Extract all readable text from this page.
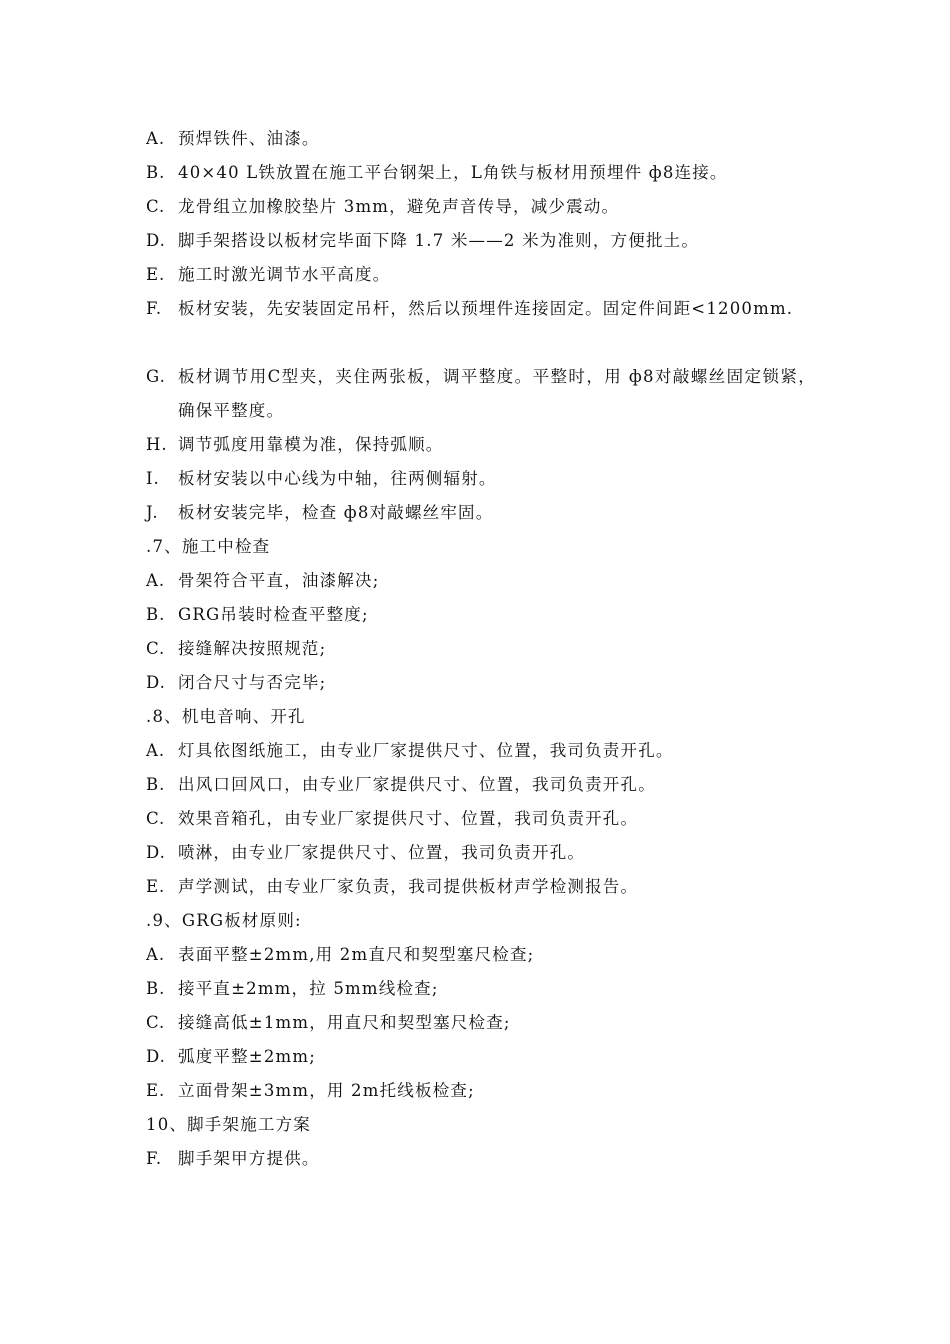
A. 预焊铁件、油漆。
B. 40×40 L铁放置在施工平台钢架上，L角铁与板材用预埋件 ф8连接。
C. 龙骨组立加橡胶垫片 3mm，避免声音传导，减少震动。
D. 脚手架搭设以板材完毕面下降 1.7 米——2 米为准则，方便批土。
E. 施工时激光调节水平高度。
F. 板材安装，先安装固定吊杆，然后以预埋件连接固定。固定件间距<1200mm.
G. 板材调节用C型夹，夹住两张板，调平整度。平整时，用 ф8对敲螺丝固定锁紧，确保平整度。
H. 调节弧度用靠模为准，保持弧顺。
I.	板材安装以中心线为中轴，往两侧辐射。
J.	板材安装完毕，检查 ф8对敲螺丝牢固。
.7、施工中检查
A. 骨架符合平直，油漆解决;
B. GRG吊装时检查平整度;
C. 接缝解决按照规范;
D. 闭合尺寸与否完毕;
.8、机电音响、开孔
A. 灯具依图纸施工，由专业厂家提供尺寸、位置，我司负责开孔。
B. 出风口回风口，由专业厂家提供尺寸、位置，我司负责开孔。
C. 效果音箱孔，由专业厂家提供尺寸、位置，我司负责开孔。
D. 喷淋，由专业厂家提供尺寸、位置，我司负责开孔。
E. 声学测试，由专业厂家负责，我司提供板材声学检测报告。
.9、GRG板材原则:
A. 表面平整±2mm,用 2m直尺和契型塞尺检查;
B. 接平直±2mm，拉 5mm线检查;
C. 接缝高低±1mm，用直尺和契型塞尺检查;
D. 弧度平整±2mm;
E. 立面骨架±3mm，用 2m托线板检查;
10、脚手架施工方案
F. 脚手架甲方提供。
